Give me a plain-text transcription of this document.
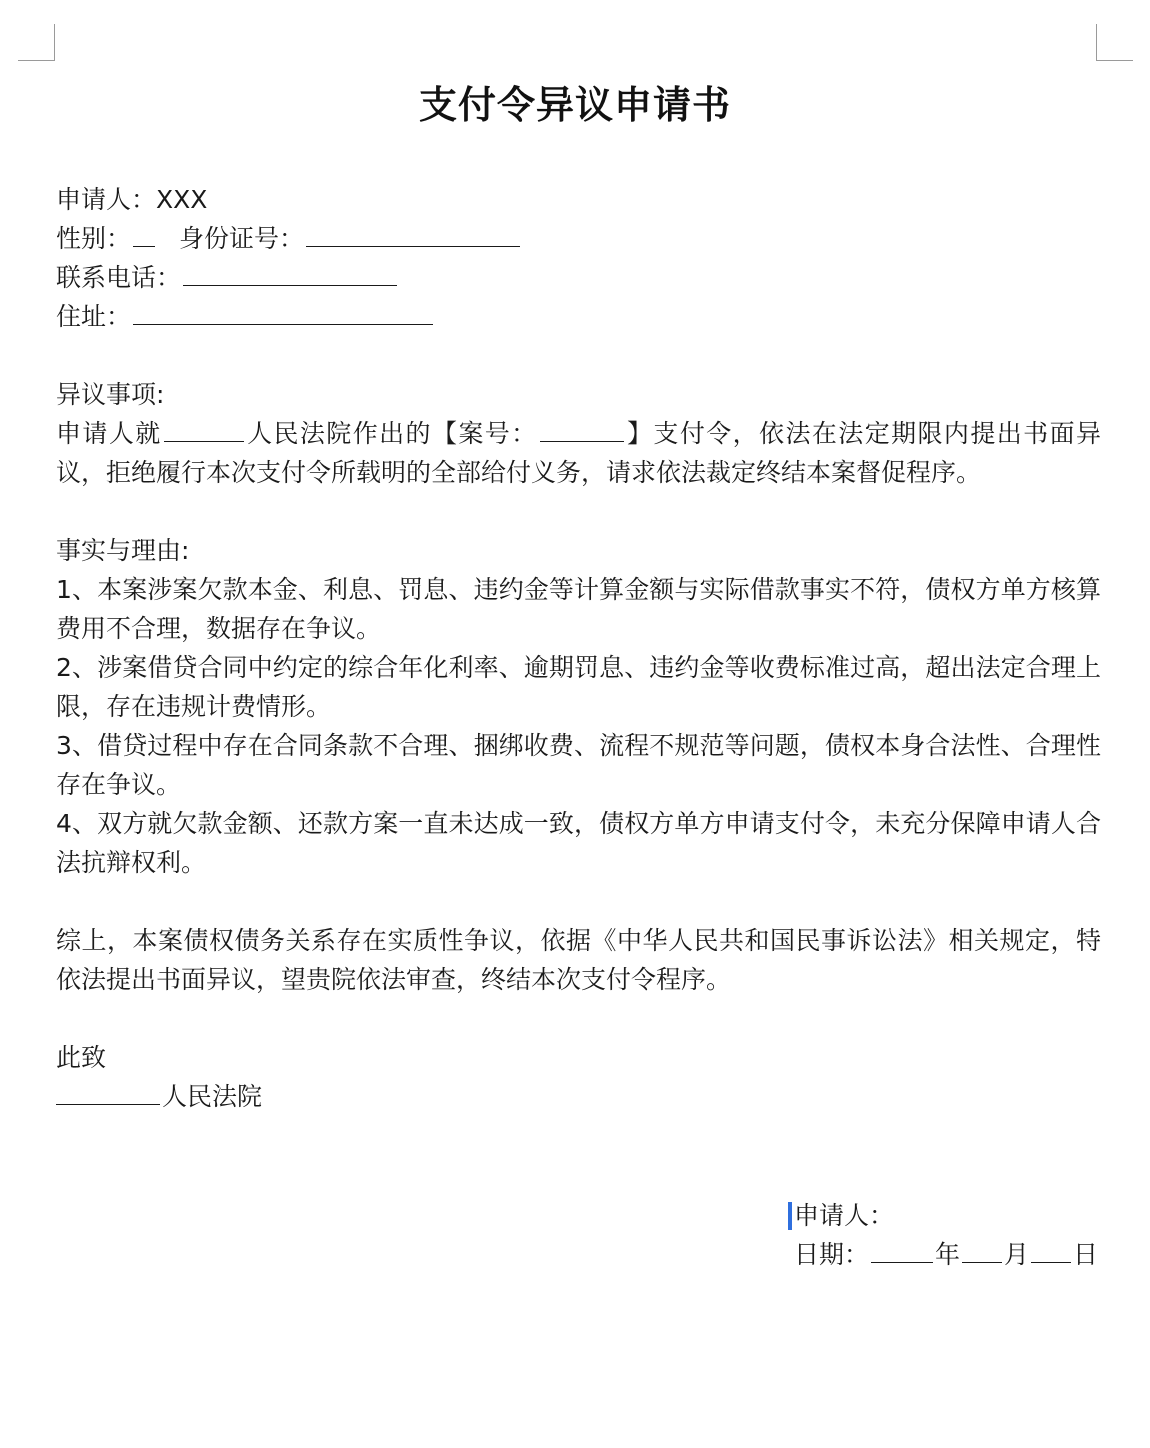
支付令异议申请书
申请人：XXX
性别： 身份证号：
联系电话：
住址：
异议事项:
申请人就	人民法院作出的【案号：	】支付令，依法在法定期限内提出书面异议，拒绝履行本次支付令所载明的全部给付义务，请求依法裁定终结本案督促程序。
事实与理由:
1、本案涉案欠款本金、利息、罚息、违约金等计算金额与实际借款事实不符，债权方单方核算费用不合理，数据存在争议。
2、涉案借贷合同中约定的综合年化利率、逾期罚息、违约金等收费标准过高，超出法定合理上限，存在违规计费情形。
3、借贷过程中存在合同条款不合理、捆绑收费、流程不规范等问题，债权本身合法性、合理性存在争议。
4、双方就欠款金额、还款方案一直未达成一致，债权方单方申请支付令，未充分保障申请人合法抗辩权利。
综上，本案债权债务关系存在实质性争议，依据《中华人民共和国民事诉讼法》相关规定，特依法提出书面异议，望贵院依法审查，终结本次支付令程序。
此致
人民法院
申请人：
日期：	年 月 日
